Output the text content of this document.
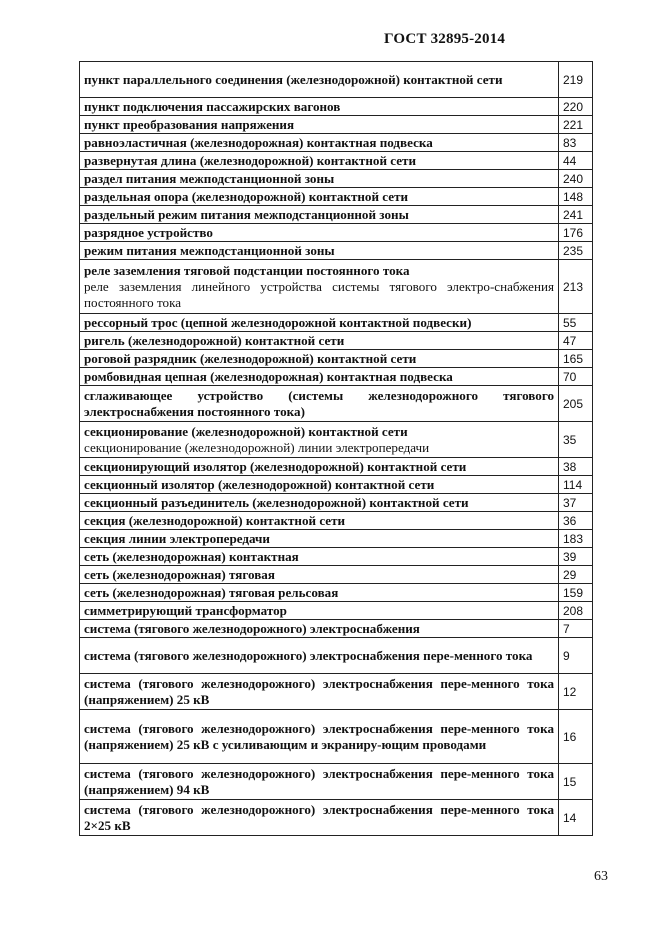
ГОСТ 32895-2014
пункт параллельного соединения (железнодорожной) контактной сети	219

пункт подключения пассажирских вагонов	220

пункт преобразования напряжения	221

равноэластичная (железнодорожная) контактная подвеска	83

развернутая длина (железнодорожной) контактной сети	44

раздел питания межподстанционной зоны	240

раздельная опора (железнодорожной) контактной сети	148

раздельный режим питания межподстанционной зоны	241

разрядное устройство	176

режим питания межподстанционной зоны	235

реле заземления тяговой подстанции постоянного тока
реле заземления линейного устройства системы тягового электро-снабжения постоянного тока	213

рессорный трос (цепной железнодорожной контактной подвески)	55

ригель (железнодорожной) контактной сети	47

роговой разрядник (железнодорожной) контактной сети	165

ромбовидная цепная (железнодорожная) контактная подвеска	70

сглаживающее устройство (системы железнодорожного тягового электроснабжения постоянного тока)	205

секционирование (железнодорожной) контактной сети
секционирование (железнодорожной) линии электропередачи	35

секционирующий изолятор (железнодорожной) контактной сети	38

секционный изолятор (железнодорожной) контактной сети	114

секционный разъединитель (железнодорожной) контактной сети	37

секция (железнодорожной) контактной сети	36

секция линии электропередачи	183

сеть (железнодорожная) контактная	39

сеть (железнодорожная) тяговая	29

сеть (железнодорожная) тяговая рельсовая	159

симметрирующий трансформатор	208

система (тягового железнодорожного) электроснабжения	7

система (тягового железнодорожного) электроснабжения пере-менного тока	9

система (тягового железнодорожного) электроснабжения пере-менного тока (напряжением) 25 кВ	12

система (тягового железнодорожного) электроснабжения пере-менного тока (напряжением) 25 кВ с усиливающим и экраниру-ющим проводами	16

система (тягового железнодорожного) электроснабжения пере-менного тока (напряжением) 94 кВ	15

система (тягового железнодорожного) электроснабжения пере-менного тока 2×25 кВ	14
63
